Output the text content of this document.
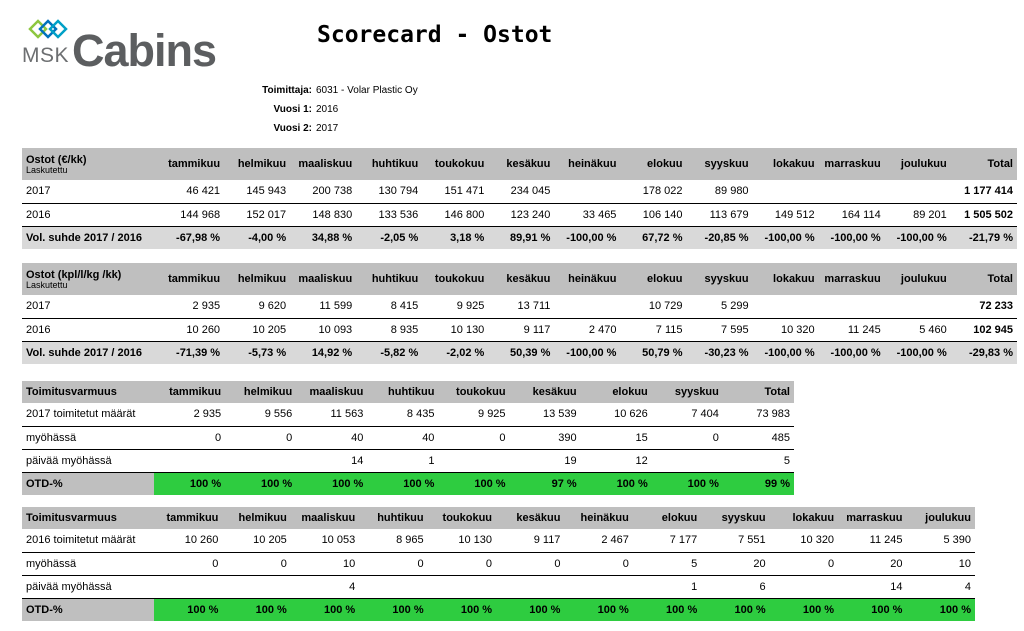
MSK Cabins	Scorecard - Ostot
Toimittaja: 6031 - Volar Plastic Oy
Vuosi 1: 2016
Vuosi 2: 2017
Ostot (€/kk)
Laskutettu	tammikuu	helmikuu	maaliskuu	huhtikuu	toukokuu	kesäkuu	heinäkuu	elokuu	syyskuu	lokakuu	marraskuu	joulukuu	Total
2017	46 421	145 943	200 738	130 794	151 471	234 045		178 022	89 980				1 177 414
2016	144 968	152 017	148 830	133 536	146 800	123 240	33 465	106 140	113 679	149 512	164 114	89 201	1 505 502
Vol. suhde 2017 / 2016	-67,98 %	-4,00 %	34,88 %	-2,05 %	3,18 %	89,91 %	-100,00 %	67,72 %	-20,85 %	-100,00 %	-100,00 %	-100,00 %	-21,79 %
Ostot (kpl/l/kg /kk)
Laskutettu	tammikuu	helmikuu	maaliskuu	huhtikuu	toukokuu	kesäkuu	heinäkuu	elokuu	syyskuu	lokakuu	marraskuu	joulukuu	Total
2017	2 935	9 620	11 599	8 415	9 925	13 711		10 729	5 299				72 233
2016	10 260	10 205	10 093	8 935	10 130	9 117	2 470	7 115	7 595	10 320	11 245	5 460	102 945
Vol. suhde 2017 / 2016	-71,39 %	-5,73 %	14,92 %	-5,82 %	-2,02 %	50,39 %	-100,00 %	50,79 %	-30,23 %	-100,00 %	-100,00 %	-100,00 %	-29,83 %
Toimitusvarmuus	tammikuu	helmikuu	maaliskuu	huhtikuu	toukokuu	kesäkuu	elokuu	syyskuu	Total
2017 toimitetut määrät	2 935	9 556	11 563	8 435	9 925	13 539	10 626	7 404	73 983
myöhässä	0	0	40	40	0	390	15	0	485
päivää myöhässä			14	1		19	12		5
OTD-%	100 %	100 %	100 %	100 %	100 %	97 %	100 %	100 %	99 %
Toimitusvarmuus	tammikuu	helmikuu	maaliskuu	huhtikuu	toukokuu	kesäkuu	heinäkuu	elokuu	syyskuu	lokakuu	marraskuu	joulukuu
2016 toimitetut määrät	10 260	10 205	10 053	8 965	10 130	9 117	2 467	7 177	7 551	10 320	11 245	5 390
myöhässä	0	0	10	0	0	0	0	5	20	0	20	10
päivää myöhässä			4					1	6		14	4
OTD-%	100 %	100 %	100 %	100 %	100 %	100 %	100 %	100 %	100 %	100 %	100 %	100 %
